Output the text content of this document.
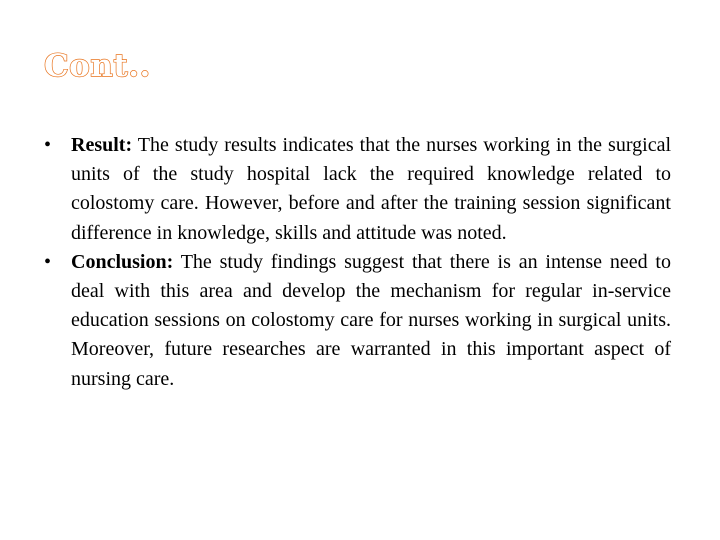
Cont..
• Result: The study results indicates that the nurses working in the surgical units of the study hospital lack the required knowledge related to colostomy care. However, before and after the training session significant difference in knowledge, skills and attitude was noted.
• Conclusion: The study findings suggest that there is an intense need to deal with this area and develop the mechanism for regular in-service education sessions on colostomy care for nurses working in surgical units. Moreover, future researches are warranted in this important aspect of nursing care.
